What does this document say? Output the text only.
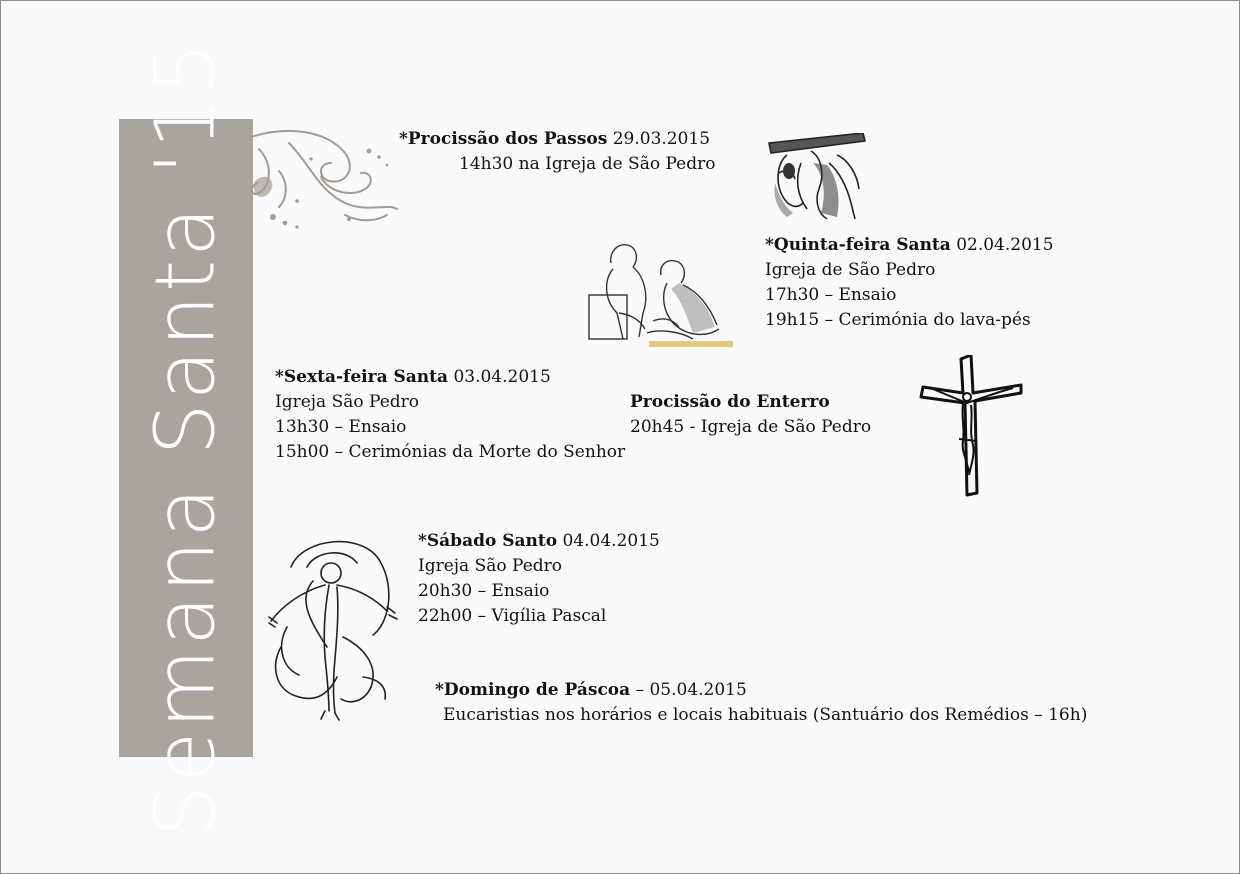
Semana Santa '15	*Procissão dos Passos 29.03.2015
14h30 na Igreja de São Pedro
*Quinta-feira Santa 02.04.2015
Igreja de São Pedro
17h30 – Ensaio
19h15 – Cerimónia do lava-pés
*Sexta-feira Santa 03.04.2015
Igreja São Pedro
13h30 – Ensaio
15h00 – Cerimónias da Morte do Senhor
Procissão do Enterro
20h45 - Igreja de São Pedro
*Sábado Santo 04.04.2015
Igreja São Pedro
20h30 – Ensaio
22h00 – Vigília Pascal
*Domingo de Páscoa – 05.04.2015
Eucaristias nos horários e locais habituais (Santuário dos Remédios – 16h)
